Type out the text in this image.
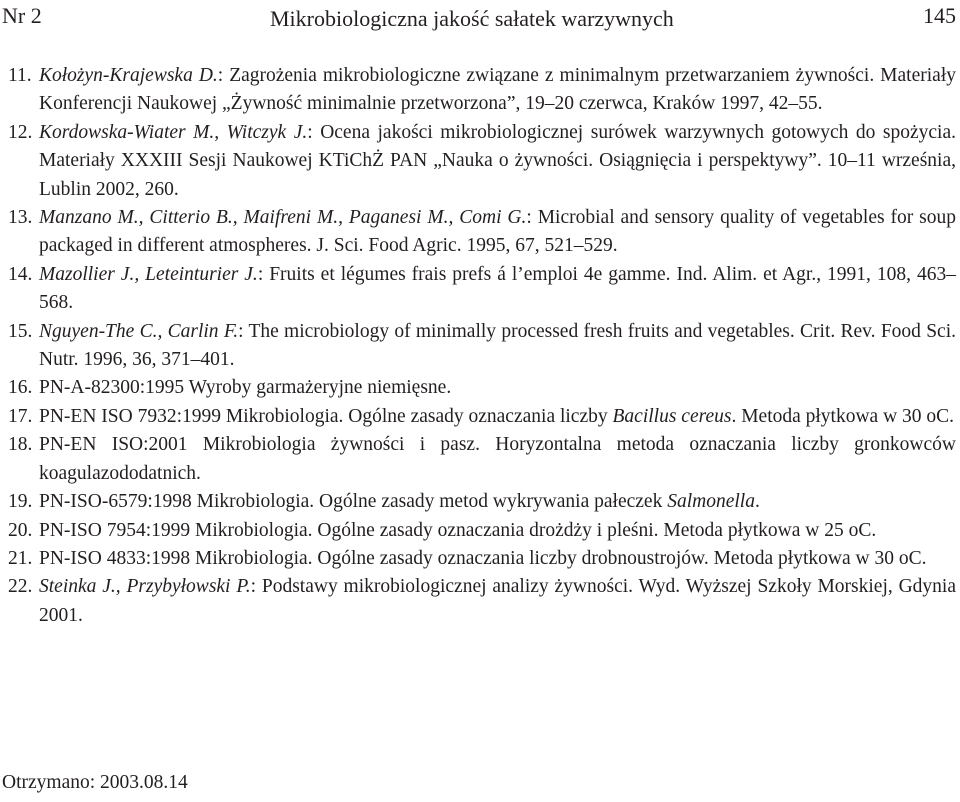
Nr 2	Mikrobiologiczna jakość sałatek warzywnych	145
11. Kołożyn-Krajewska D.: Zagrożenia mikrobiologiczne związane z minimalnym przetwarzaniem żywności. Materiały Konferencji Naukowej „Żywność minimalnie przetworzona”, 19–20 czerwca, Kraków 1997, 42–55.
12. Kordowska-Wiater M., Witczyk J.: Ocena jakości mikrobiologicznej surówek warzywnych gotowych do spożycia. Materiały XXXIII Sesji Naukowej KTiChŻ PAN „Nauka o żywności. Osiągnięcia i perspektywy”. 10–11 września, Lublin 2002, 260.
13. Manzano M., Citterio B., Maifreni M., Paganesi M., Comi G.: Microbial and sensory quality of vegetables for soup packaged in different atmospheres. J. Sci. Food Agric. 1995, 67, 521–529.
14. Mazollier J., Leteinturier J.: Fruits et légumes frais prefs á l’emploi 4e gamme. Ind. Alim. et Agr., 1991, 108, 463–568.
15. Nguyen-The C., Carlin F.: The microbiology of minimally processed fresh fruits and vegetables. Crit. Rev. Food Sci. Nutr. 1996, 36, 371–401.
16. PN-A-82300:1995 Wyroby garmażeryjne niemięsne.
17. PN-EN ISO 7932:1999 Mikrobiologia. Ogólne zasady oznaczania liczby Bacillus cereus. Metoda płytkowa w 30 oC.
18. PN-EN ISO:2001 Mikrobiologia żywności i pasz. Horyzontalna metoda oznaczania liczby gronkowców koagulazododatnich.
19. PN-ISO-6579:1998 Mikrobiologia. Ogólne zasady metod wykrywania pałeczek Salmonella.
20. PN-ISO 7954:1999 Mikrobiologia. Ogólne zasady oznaczania drożdży i pleśni. Metoda płytkowa w 25 oC.
21. PN-ISO 4833:1998 Mikrobiologia. Ogólne zasady oznaczania liczby drobnoustrojów. Metoda płytkowa w 30 oC.
22. Steinka J., Przybyłowski P.: Podstawy mikrobiologicznej analizy żywności. Wyd. Wyższej Szkoły Morskiej, Gdynia 2001.
Otrzymano: 2003.08.14
